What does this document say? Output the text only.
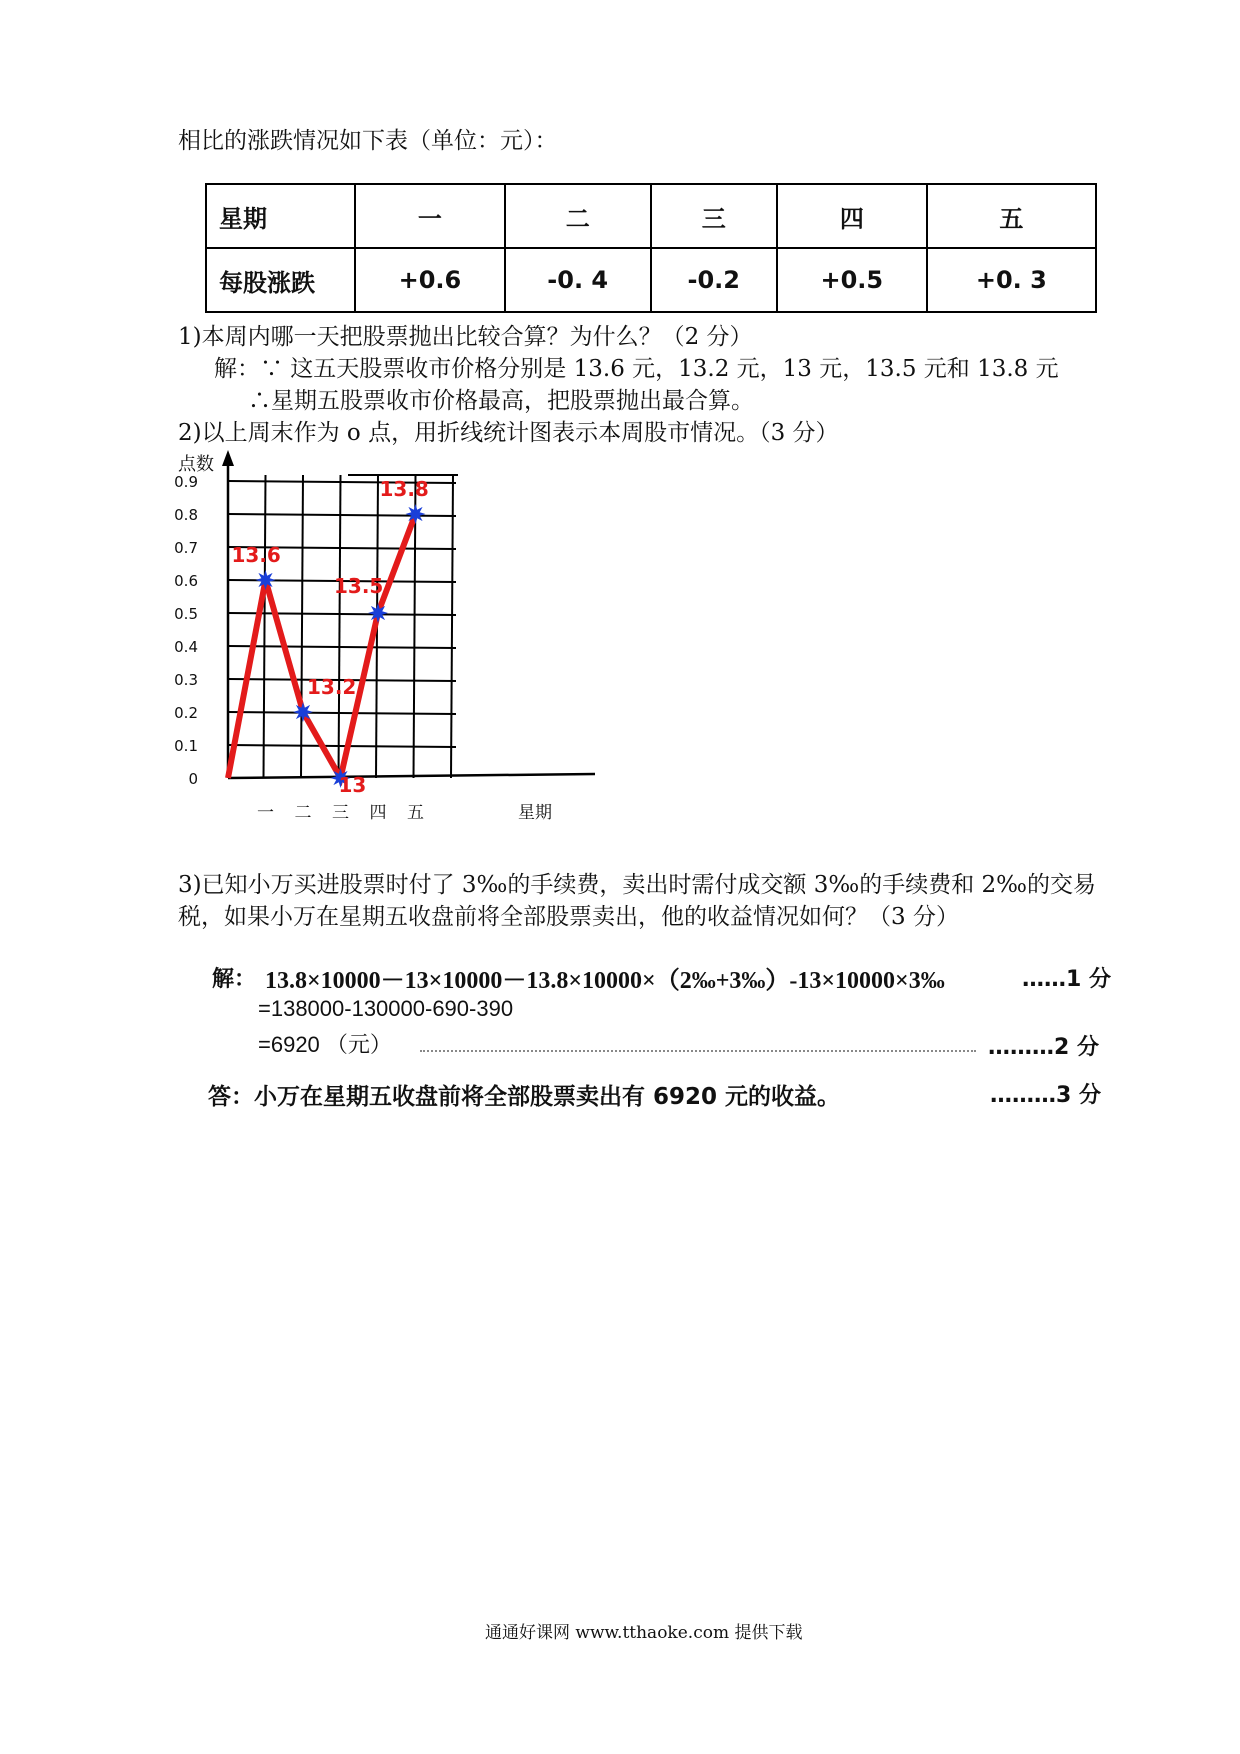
相比的涨跌情况如下表（单位：元）：
星期	一	二	三	四	五
每股涨跌	+0.6	-0. 4	-0.2	+0.5	+0. 3
1)本周内哪一天把股票抛出比较合算？为什么？（2 分）
解：∵ 这五天股票收市价格分别是 13.6 元，13.2 元，13 元，13.5 元和 13.8 元
∴星期五股票收市价格最高，把股票抛出最合算。
2)以上周末作为 o 点，用折线统计图表示本周股市情况。（3 分）
点数
0.9
0.8
0.7
0.6
0.5
0.4
0.3
0.2
0.1
0
一 二 三 四 五	星期
13.6
13.2
13
13.5
13.8
3)已知小万买进股票时付了 3‰的手续费，卖出时需付成交额 3‰的手续费和 2‰的交易
税，如果小万在星期五收盘前将全部股票卖出，他的收益情况如何？（3 分）
解： 13.8×10000－13×10000－13.8×10000×（2‰+3‰）-13×10000×3‰	……1 分
=138000-130000-690-390
=6920 （元）	………2 分
答：小万在星期五收盘前将全部股票卖出有 6920 元的收益。	………3 分
通通好课网 www.tthaoke.com 提供下载
